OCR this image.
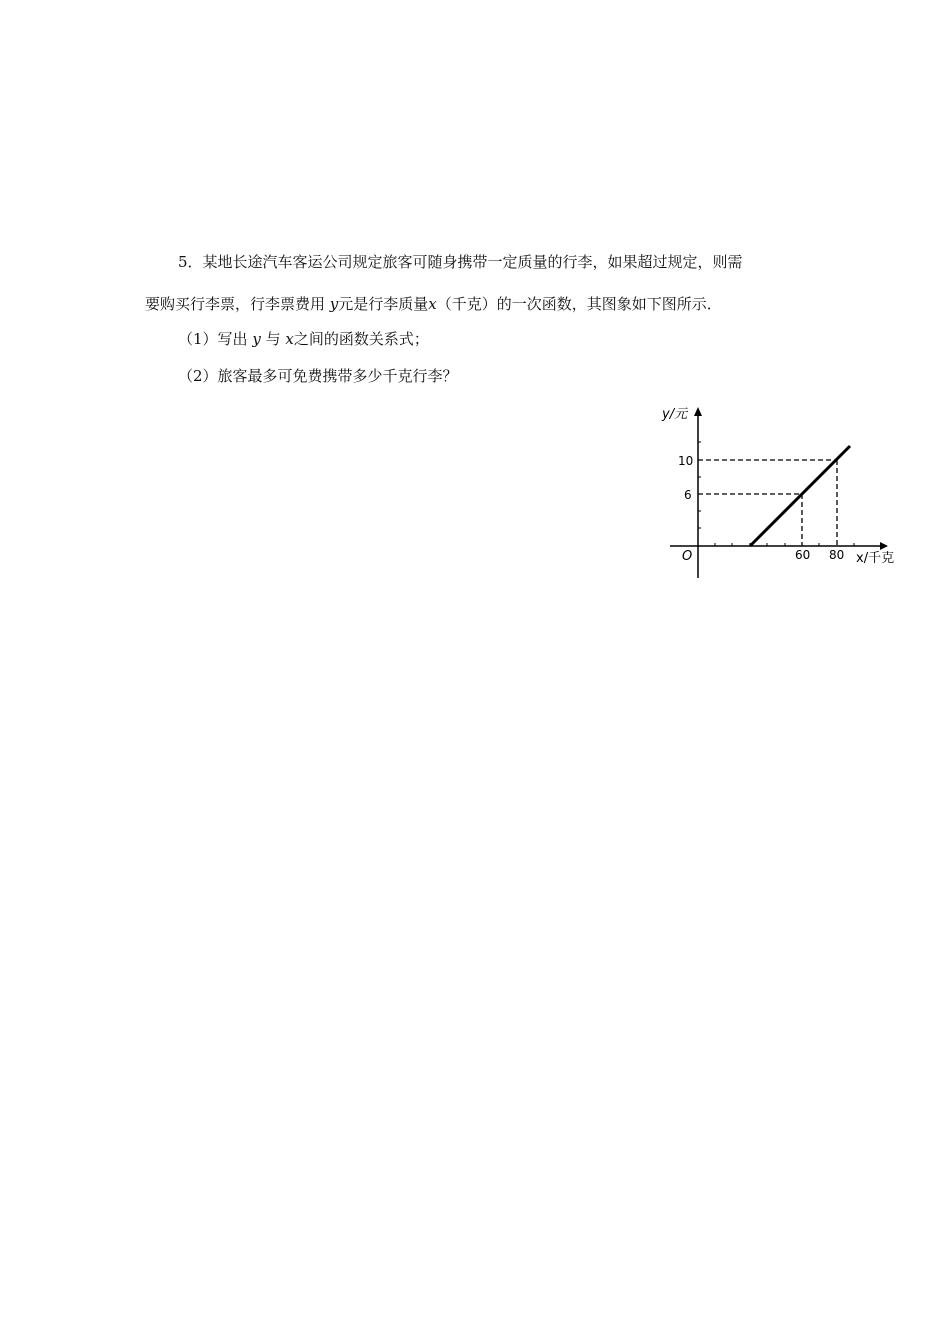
5．某地长途汽车客运公司规定旅客可随身携带一定质量的行李，如果超过规定，则需
要购买行李票，行李票费用 y元是行李质量x（千克）的一次函数，其图象如下图所示．
（1）写出 y 与 x之间的函数关系式；
（2）旅客最多可免费携带多少千克行李？
y/元
x/千克
O
10
6
60 80
